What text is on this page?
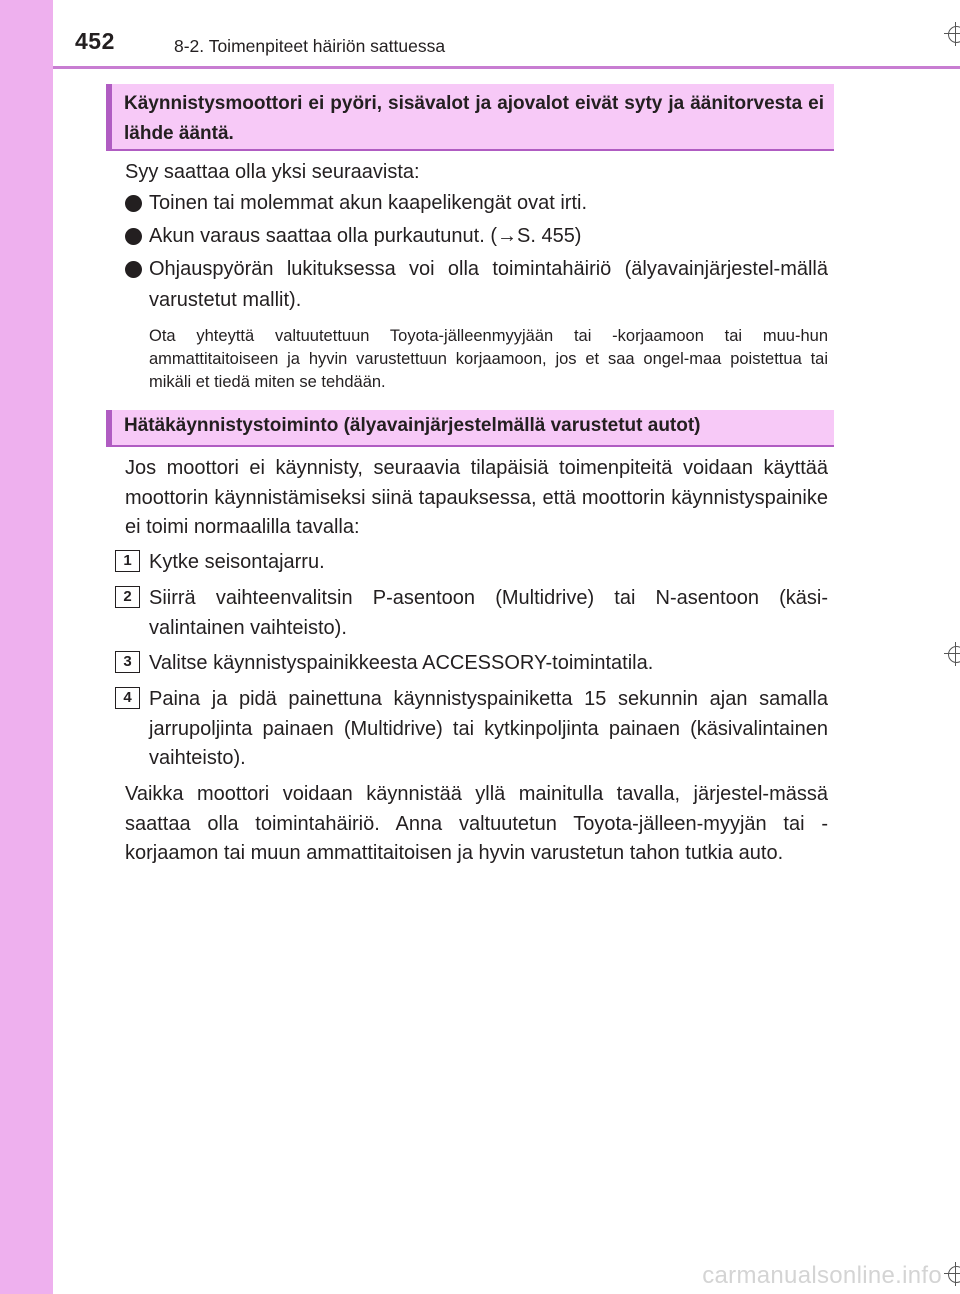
452	8-2. Toimenpiteet häiriön sattuessa
Käynnistysmoottori ei pyöri, sisävalot ja ajovalot eivät syty ja äänitorvesta ei lähde ääntä.
Syy saattaa olla yksi seuraavista:
Toinen tai molemmat akun kaapelikengät ovat irti.
Akun varaus saattaa olla purkautunut. (→S. 455)
Ohjauspyörän lukituksessa voi olla toimintahäiriö (älyavainjärjestel-mällä varustetut mallit).
Ota yhteyttä valtuutettuun Toyota-jälleenmyyjään tai -korjaamoon tai muu-hun ammattitaitoiseen ja hyvin varustettuun korjaamoon, jos et saa ongel-maa poistettua tai mikäli et tiedä miten se tehdään.
Hätäkäynnistystoiminto (älyavainjärjestelmällä varustetut autot)
Jos moottori ei käynnisty, seuraavia tilapäisiä toimenpiteitä voidaan käyttää moottorin käynnistämiseksi siinä tapauksessa, että moottorin käynnistyspainike ei toimi normaalilla tavalla:
1 Kytke seisontajarru.
2 Siirrä vaihteenvalitsin P-asentoon (Multidrive) tai N-asentoon (käsi-valintainen vaihteisto).
3 Valitse käynnistyspainikkeesta ACCESSORY-toimintatila.
4 Paina ja pidä painettuna käynnistyspainiketta 15 sekunnin ajan samalla jarrupoljinta painaen (Multidrive) tai kytkinpoljinta painaen (käsivalintainen vaihteisto).
Vaikka moottori voidaan käynnistää yllä mainitulla tavalla, järjestel-mässä saattaa olla toimintahäiriö. Anna valtuutetun Toyota-jälleen-myyjän tai -korjaamon tai muun ammattitaitoisen ja hyvin varustetun tahon tutkia auto.
carmanualsonline.info
